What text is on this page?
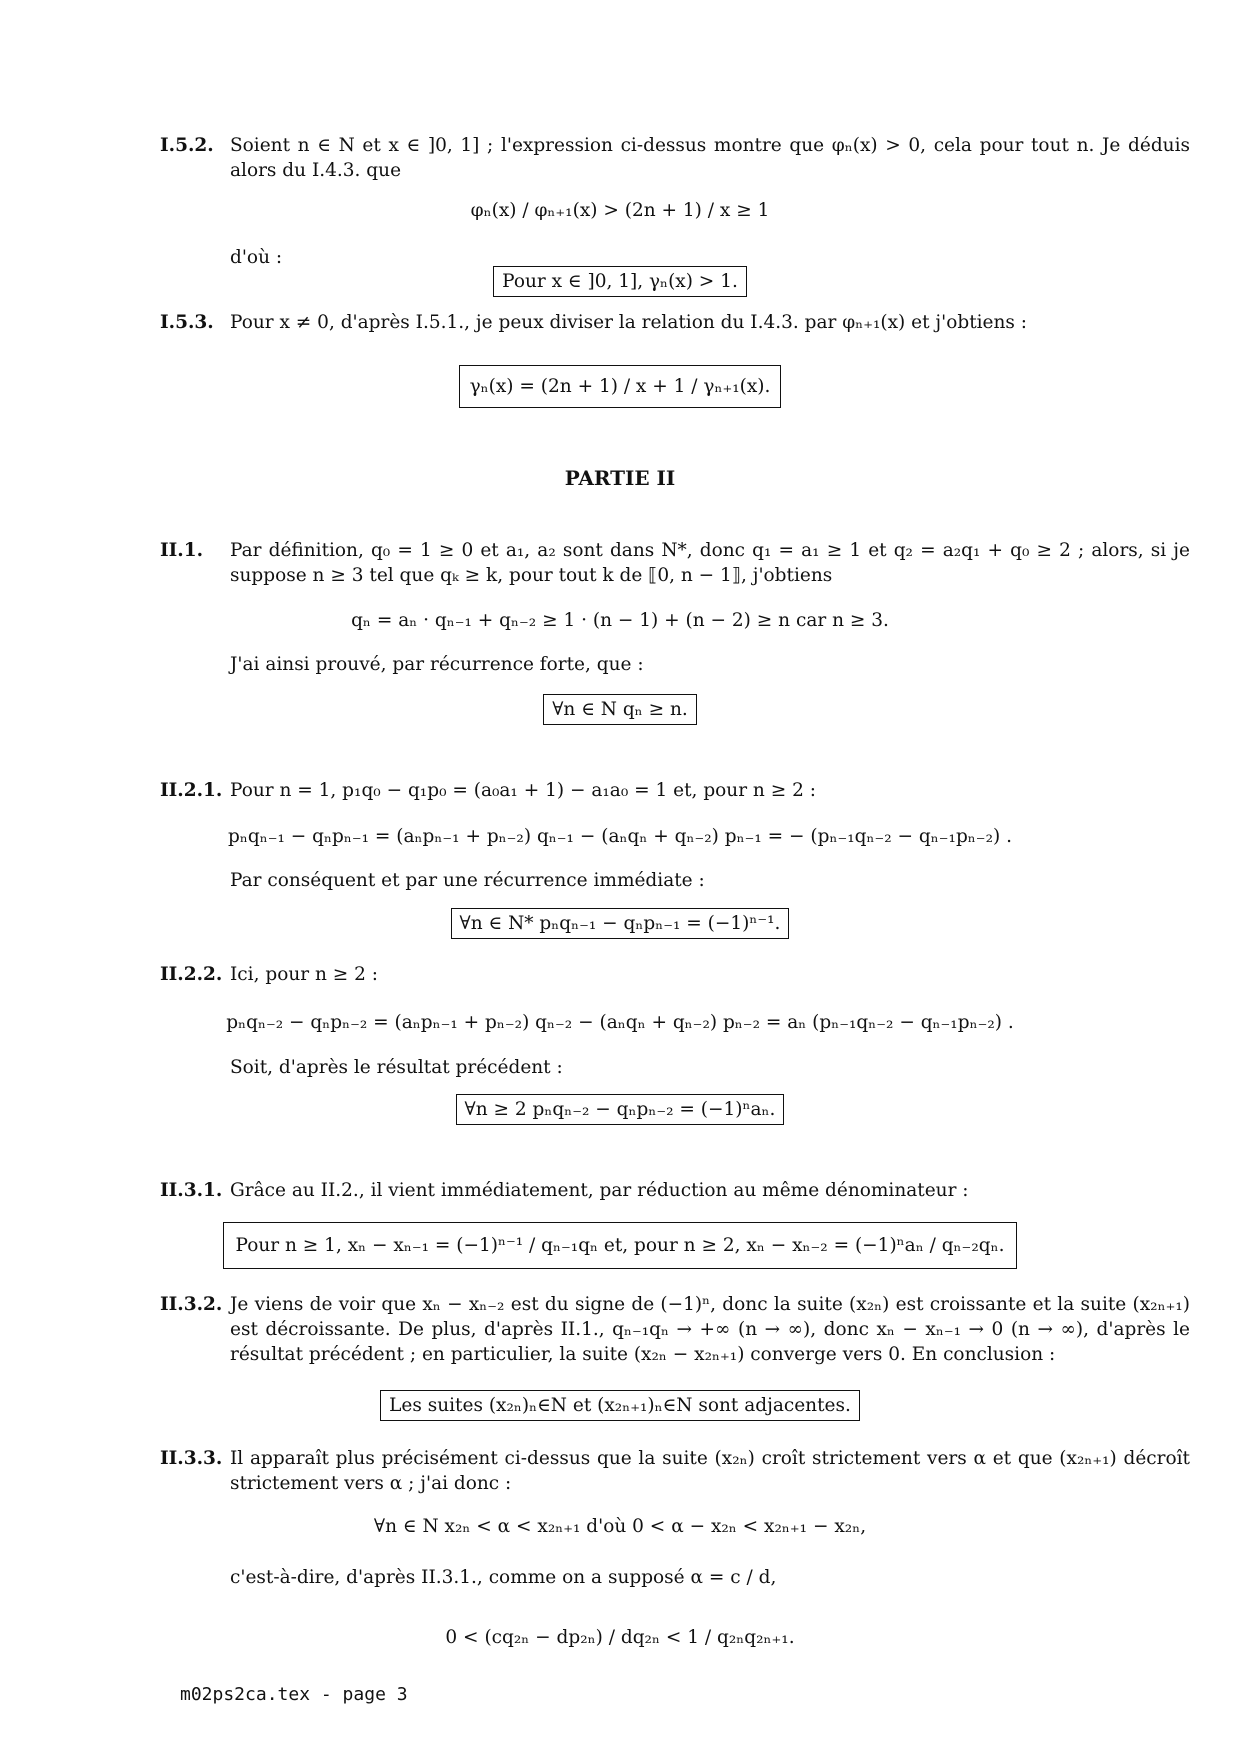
I.5.2. Soient n ∈ N et x ∈ ]0, 1] ; l'expression ci-dessus montre que φₙ(x) > 0, cela pour tout n. Je déduis alors du I.4.3. que

φₙ(x) / φₙ₊₁(x) > (2n + 1) / x ≥ 1

d'où :

Pour x ∈ ]0, 1], γₙ(x) > 1.
I.5.3. Pour x ≠ 0, d'après I.5.1., je peux diviser la relation du I.4.3. par φₙ₊₁(x) et j'obtiens :

γₙ(x) = (2n + 1) / x + 1 / γₙ₊₁(x).
PARTIE II
II.1. Par définition, q₀ = 1 ≥ 0 et a₁, a₂ sont dans N*, donc q₁ = a₁ ≥ 1 et q₂ = a₂q₁ + q₀ ≥ 2 ; alors, si je suppose n ≥ 3 tel que qₖ ≥ k, pour tout k de ⟦0, n − 1⟧, j'obtiens

qₙ = aₙ · qₙ₋₁ + qₙ₋₂ ≥ 1 · (n − 1) + (n − 2) ≥ n car n ≥ 3.

J'ai ainsi prouvé, par récurrence forte, que :

∀n ∈ N qₙ ≥ n.
II.2.1. Pour n = 1, p₁q₀ − q₁p₀ = (a₀a₁ + 1) − a₁a₀ = 1 et, pour n ≥ 2 :

pₙqₙ₋₁ − qₙpₙ₋₁ = (aₙpₙ₋₁ + pₙ₋₂) qₙ₋₁ − (aₙqₙ + qₙ₋₂) pₙ₋₁ = − (pₙ₋₁qₙ₋₂ − qₙ₋₁pₙ₋₂) .

Par conséquent et par une récurrence immédiate :

∀n ∈ N* pₙqₙ₋₁ − qₙpₙ₋₁ = (−1)ⁿ⁻¹.
II.2.2. Ici, pour n ≥ 2 :

pₙqₙ₋₂ − qₙpₙ₋₂ = (aₙpₙ₋₁ + pₙ₋₂) qₙ₋₂ − (aₙqₙ + qₙ₋₂) pₙ₋₂ = aₙ (pₙ₋₁qₙ₋₂ − qₙ₋₁pₙ₋₂) .

Soit, d'après le résultat précédent :

∀n ≥ 2 pₙqₙ₋₂ − qₙpₙ₋₂ = (−1)ⁿaₙ.
II.3.1. Grâce au II.2., il vient immédiatement, par réduction au même dénominateur :

Pour n ≥ 1, xₙ − xₙ₋₁ = (−1)ⁿ⁻¹ / qₙ₋₁qₙ et, pour n ≥ 2, xₙ − xₙ₋₂ = (−1)ⁿaₙ / qₙ₋₂qₙ.
II.3.2. Je viens de voir que xₙ − xₙ₋₂ est du signe de (−1)ⁿ, donc la suite (x₂ₙ) est croissante et la suite (x₂ₙ₊₁) est décroissante. De plus, d'après II.1., qₙ₋₁qₙ → +∞ (n → ∞), donc xₙ − xₙ₋₁ → 0 (n → ∞), d'après le résultat précédent ; en particulier, la suite (x₂ₙ − x₂ₙ₊₁) converge vers 0. En conclusion :

Les suites (x₂ₙ)ₙ∈N et (x₂ₙ₊₁)ₙ∈N sont adjacentes.
II.3.3. Il apparaît plus précisément ci-dessus que la suite (x₂ₙ) croît strictement vers α et que (x₂ₙ₊₁) décroît strictement vers α ; j'ai donc :

∀n ∈ N x₂ₙ < α < x₂ₙ₊₁ d'où 0 < α − x₂ₙ < x₂ₙ₊₁ − x₂ₙ,

c'est-à-dire, d'après II.3.1., comme on a supposé α = c / d,

0 < (cq₂ₙ − dp₂ₙ) / dq₂ₙ < 1 / q₂ₙq₂ₙ₊₁.
m02ps2ca.tex - page 3
